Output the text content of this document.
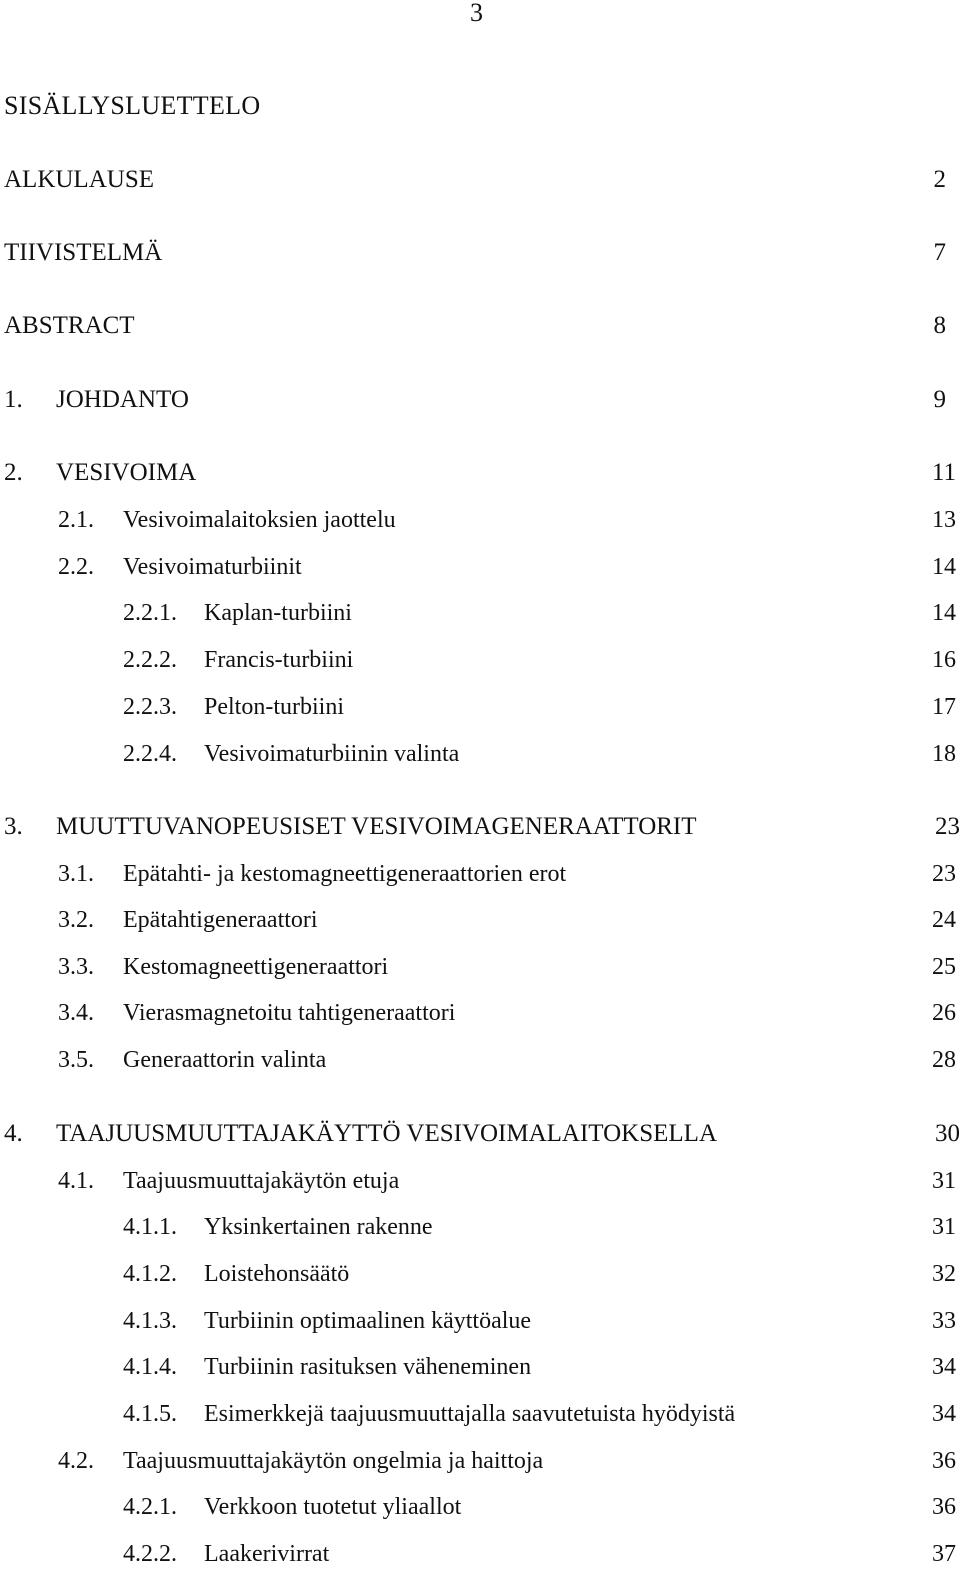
3
SISÄLLYSLUETTELO
ALKULAUSE	2
TIIVISTELMÄ	7
ABSTRACT	8
1. JOHDANTO	9
2. VESIVOIMA	11
2.1. Vesivoimalaitoksien jaottelu	13
2.2. Vesivoimaturbiinit	14
2.2.1. Kaplan-turbiini	14
2.2.2. Francis-turbiini	16
2.2.3. Pelton-turbiini	17
2.2.4. Vesivoimaturbiinin valinta	18
3. MUUTTUVANOPEUSISET VESIVOIMAGENERAATTORIT	23
3.1. Epätahti- ja kestomagneettigeneraattorien erot	23
3.2. Epätahtigeneraattori	24
3.3. Kestomagneettigeneraattori	25
3.4. Vierasmagnetoitu tahtigeneraattori	26
3.5. Generaattorin valinta	28
4. TAAJUUSMUUTTAJAKÄYTTÖ VESIVOIMALAITOKSELLA	30
4.1. Taajuusmuuttajakäytön etuja	31
4.1.1. Yksinkertainen rakenne	31
4.1.2. Loistehonsäätö	32
4.1.3. Turbiinin optimaalinen käyttöalue	33
4.1.4. Turbiinin rasituksen väheneminen	34
4.1.5. Esimerkkejä taajuusmuuttajalla saavutetuista hyödyistä	34
4.2. Taajuusmuuttajakäytön ongelmia ja haittoja	36
4.2.1. Verkkoon tuotetut yliaallot	36
4.2.2. Laakerivirrat	37
